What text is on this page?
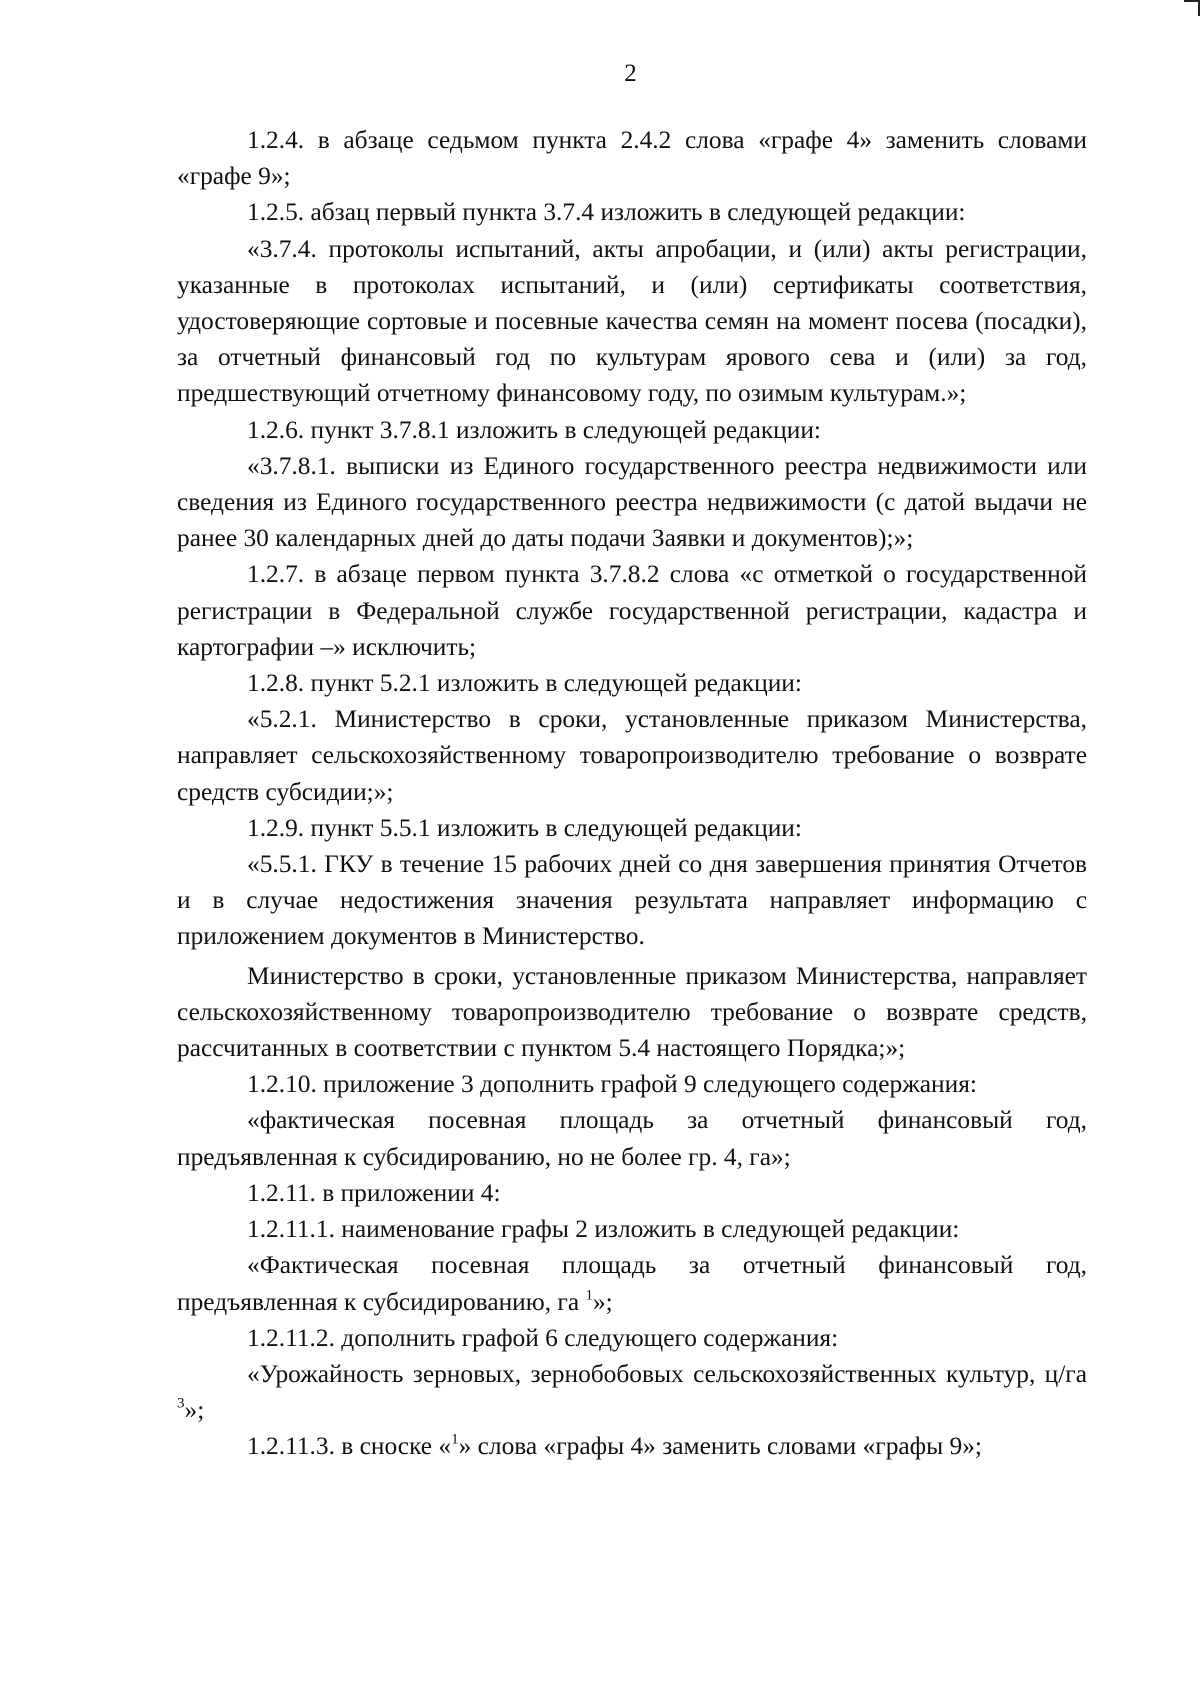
2

1.2.4. в абзаце седьмом пункта 2.4.2 слова «графе 4» заменить словами «графе 9»;

1.2.5. абзац первый пункта 3.7.4 изложить в следующей редакции:

«3.7.4. протоколы испытаний, акты апробации, и (или) акты регистрации, указанные в протоколах испытаний, и (или) сертификаты соответствия, удостоверяющие сортовые и посевные качества семян на момент посева (посадки), за отчетный финансовый год по культурам ярового сева и (или) за год, предшествующий отчетному финансовому году, по озимым культурам.»;

1.2.6. пункт 3.7.8.1 изложить в следующей редакции:

«3.7.8.1. выписки из Единого государственного реестра недвижимости или сведения из Единого государственного реестра недвижимости (с датой выдачи не ранее 30 календарных дней до даты подачи Заявки и документов);»;

1.2.7. в абзаце первом пункта 3.7.8.2 слова «с отметкой о государственной регистрации в Федеральной службе государственной регистрации, кадастра и картографии –» исключить;

1.2.8. пункт 5.2.1 изложить в следующей редакции:

«5.2.1. Министерство в сроки, установленные приказом Министерства, направляет сельскохозяйственному товаропроизводителю требование о возврате средств субсидии;»;

1.2.9. пункт 5.5.1 изложить в следующей редакции:

«5.5.1. ГКУ в течение 15 рабочих дней со дня завершения принятия Отчетов и в случае недостижения значения результата направляет информацию с приложением документов в Министерство.

Министерство в сроки, установленные приказом Министерства, направляет сельскохозяйственному товаропроизводителю требование о возврате средств, рассчитанных в соответствии с пунктом 5.4 настоящего Порядка;»;

1.2.10. приложение 3 дополнить графой 9 следующего содержания:

«фактическая посевная площадь за отчетный финансовый год, предъявленная к субсидированию, но не более гр. 4, га»;

1.2.11. в приложении 4:

1.2.11.1. наименование графы 2 изложить в следующей редакции:

«Фактическая посевная площадь за отчетный финансовый год, предъявленная к субсидированию, га $^1$»;

1.2.11.2. дополнить графой 6 следующего содержания:

«Урожайность зерновых, зернобобовых сельскохозяйственных культур, ц/га $^3$»;

1.2.11.3. в сноске «$^1$» слова «графы 4» заменить словами «графы 9»;
